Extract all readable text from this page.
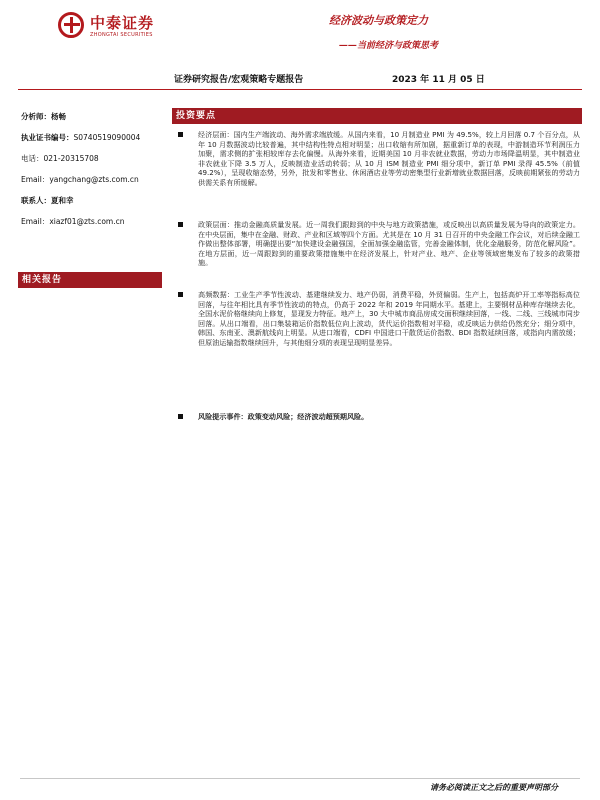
中泰证券
ZHONGTAI SECURITIES
经济波动与政策定力
——当前经济与政策思考
证券研究报告/宏观策略专题报告	2023 年 11 月 05 日
分析师：杨畅
执业证书编号：S0740519090004
电话：021-20315708
Email：yangchang@zts.com.cn
联系人：夏和幸
Email：xiazf01@zts.com.cn
相关报告
投资要点
经济层面：国内生产端波动、海外需求端放缓。从国内来看，10 月制造业 PMI 为 49.5%，较上月回落 0.7 个百分点，从年 10 月数据波动比较普遍，其中结构性特点相对明显；出口收缩有所加剧，据重新订单的表现，中游制造环节利润压力加聚，需求侧的扩张相较库存去化偏慢。从海外来看，近期美国 10 月非农就业数据，劳动力市场降温明显，其中制造业非农就业下降 3.5 万人，反映制造业活动转弱；从 10 月 ISM 制造业 PMI 细分项中，新订单 PMI 录得 45.5%（前值 49.2%），呈现收缩态势，另外，批发和零售业、休闲酒店业等劳动密集型行业新增就业数据回落，反映前期紧张的劳动力供需关系有所缓解。
政策层面：推动金融高质量发展。近一周我们跟踪到的中央与地方政策措施，或反映出以高质量发展为导向的政策定力。在中央层面，集中在金融、财政、产业和区域等四个方面。尤其是在 10 月 31 日召开的中央金融工作会议，对后续金融工作做出整体部署，明确提出要“加快建设金融强国，全面加强金融监管，完善金融体制，优化金融服务，防范化解风险”。在地方层面，近一周跟踪到的重要政策措施集中在经济发展上，针对产业、地产、企业等领域密集发布了较多的政策措施。
高频数据：工业生产季节性波动、基建继续发力、地产仍弱，消费平稳，外贸偏弱。生产上，包括高炉开工率等指标高位回落，与往年相比具有季节性波动的特点，仍高于 2022 年和 2019 年同期水平。基建上，主要钢材品种库存继续去化，全国水泥价格继续向上修复，显现发力特征。地产上，30 大中城市商品房成交面积继续回落，一线、二线、三线城市同步回落。从出口端看，出口集装箱运价指数低位向上波动，货代运价指数相对平稳，或反映运力供给仍然充分；细分项中，韩国、东南亚、澳新航线向上明显。从进口端看，CDFI 中国进口干散货运价指数、BDI 指数延续回落，或指向内需放缓；但原油运输指数继续回升，与其他细分项的表现呈现明显差异。
风险提示事件：政策变动风险；经济波动超预期风险。
请务必阅读正文之后的重要声明部分
